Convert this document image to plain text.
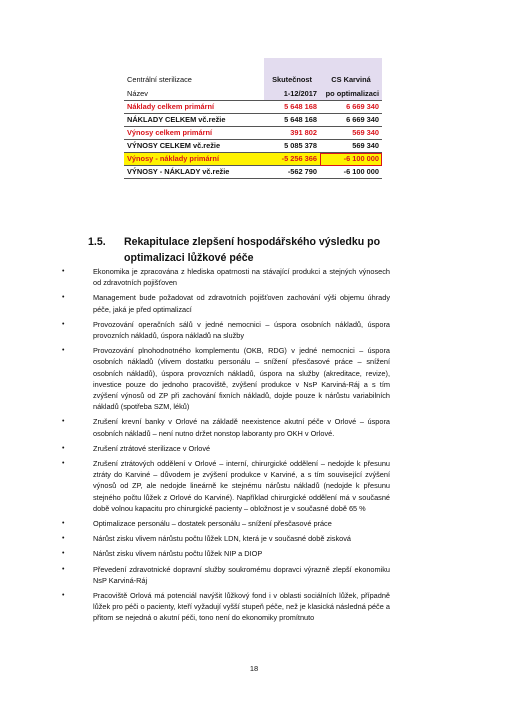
Centrální sterilizace	Skutečnost	CS Karviná
Název	1-12/2017	po optimalizaci
Náklady celkem primární	5 648 168	6 669 340
NÁKLADY CELKEM vč.režie	5 648 168	6 669 340
Výnosy celkem primární	391 802	569 340
VÝNOSY CELKEM vč.režie	5 085 378	569 340
Výnosy - náklady primární	-5 256 366	-6 100 000
VÝNOSY - NÁKLADY vč.režie	-562 790	-6 100 000
1.5. Rekapitulace zlepšení hospodářského výsledku po optimalizaci lůžkové péče
•	Ekonomika je zpracována z hlediska opatrnosti na stávající produkci a stejných výnosech od zdravotních pojišťoven
•	Management bude požadovat od zdravotních pojišťoven zachování výši objemu úhrady péče, jaká je před optimalizací
•	Provozování operačních sálů v jedné nemocnici – úspora osobních nákladů, úspora provozních nákladů, úspora nákladů na služby
•	Provozování plnohodnotného komplementu (OKB, RDG) v jedné nemocnici – úspora osobních nákladů (vlivem dostatku personálu – snížení přesčasové práce – snížení osobních nákladů), úspora provozních nákladů, úspora na služby (akreditace, revize), investice pouze do jednoho pracoviště, zvýšení produkce v NsP Karviná-Ráj a s tím zvýšení výnosů od ZP při zachování fixních nákladů, dojde pouze k nárůstu variabilních nákladů (spotřeba SZM, léků)
•	Zrušení krevní banky v Orlové na základě neexistence akutní péče v Orlové – úspora osobních nákladů – není nutno držet nonstop laboranty pro OKH v Orlové.
•	Zrušení ztrátové sterilizace v Orlové
•	Zrušení ztrátových oddělení v Orlové – interní, chirurgické oddělení – nedojde k přesunu ztráty do Karviné – důvodem je zvýšení produkce v Karviné, a s tím související zvýšení výnosů od ZP, ale nedojde lineárně ke stejnému nárůstu nákladů (nedojde k přesunu stejného počtu lůžek z Orlové do Karviné). Například chirurgické oddělení má v současné době volnou kapacitu pro chirurgické pacienty – obložnost je v současné době 65 %
•	Optimalizace personálu – dostatek personálu – snížení přesčasové práce
•	Nárůst zisku vlivem nárůstu počtu lůžek LDN, která je v současné době zisková
•	Nárůst zisku vlivem nárůstu počtu lůžek NIP a DIOP
•	Převedení zdravotnické dopravní služby soukromému dopravci výrazně zlepší ekonomiku NsP Karviná-Ráj
•	Pracoviště Orlová má potenciál navýšit lůžkový fond i v oblasti sociálních lůžek, případně lůžek pro péči o pacienty, kteří vyžadují vyšší stupeň péče, než je klasická následná péče a přitom se nejedná o akutní péči, tono není do ekonomiky promítnuto
18
